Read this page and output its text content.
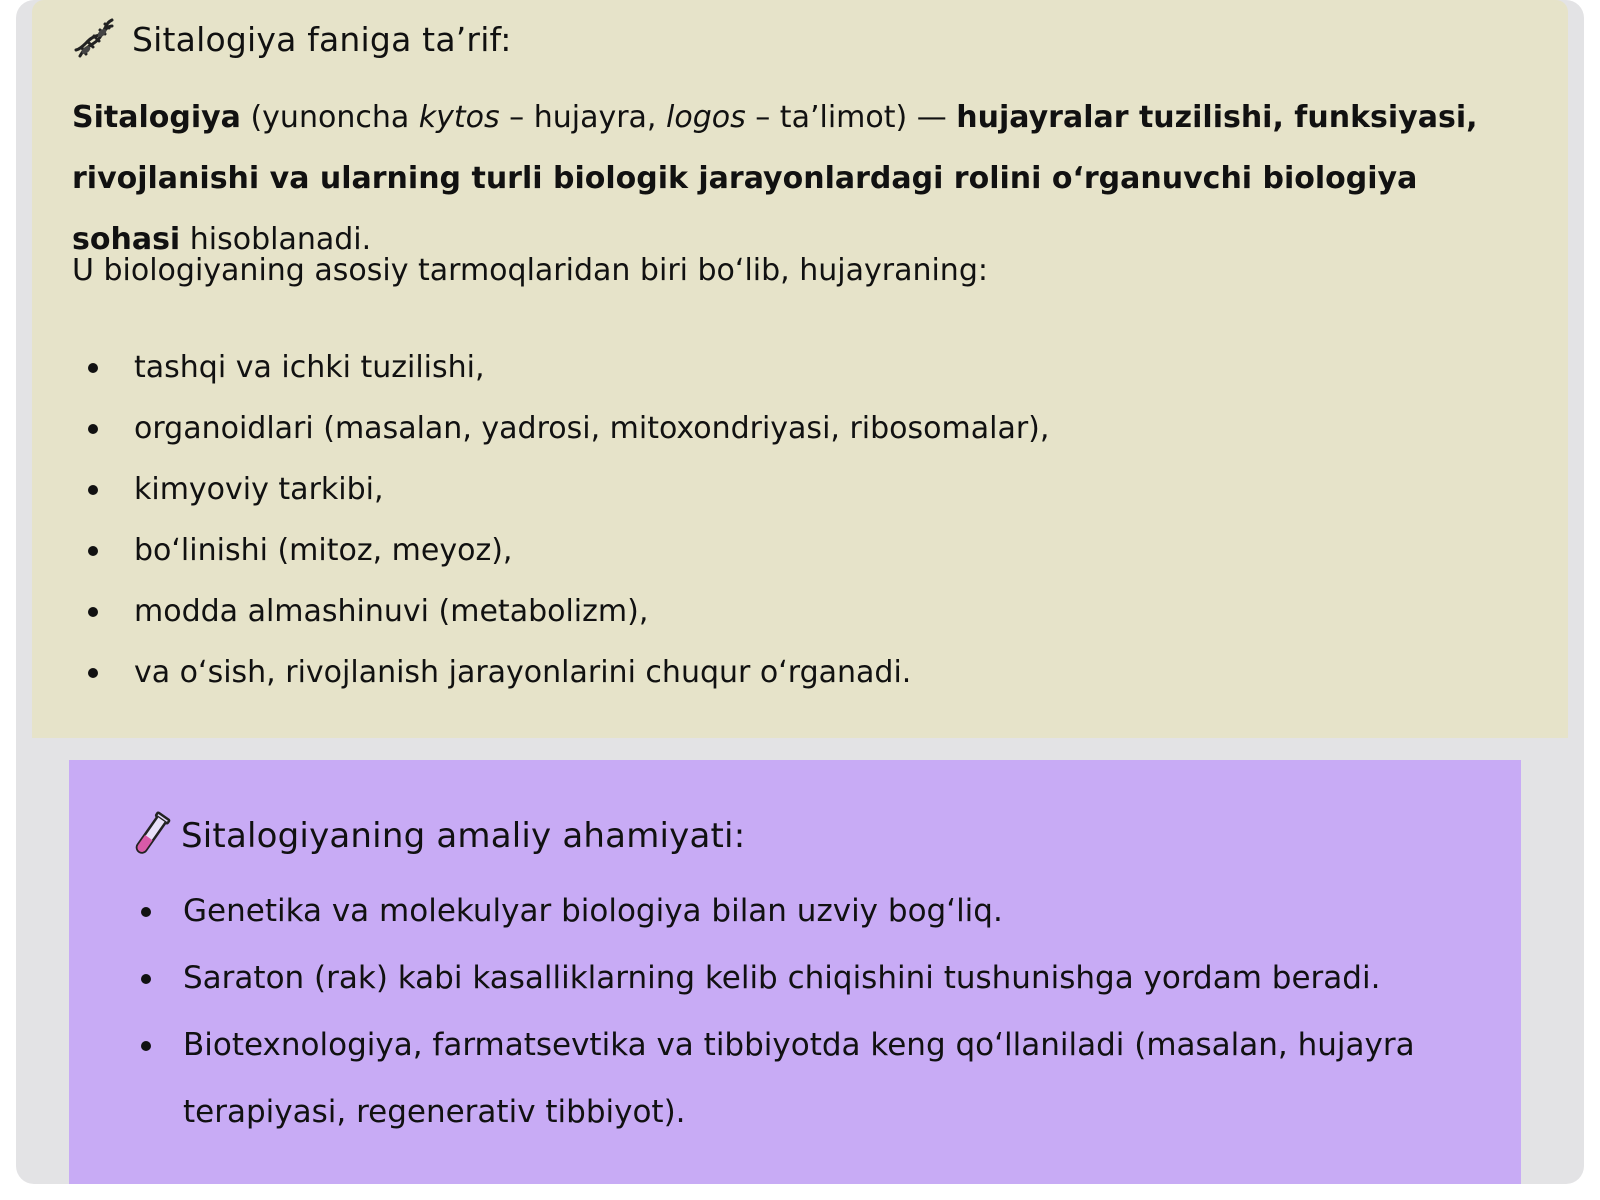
Sitalogiya faniga ta’rif:

Sitalogiya (yunoncha kytos – hujayra, logos – ta’limot) — hujayralar tuzilishi, funksiyasi, rivojlanishi va ularning turli biologik jarayonlardagi rolini o‘rganuvchi biologiya sohasi hisoblanadi.

U biologiyaning asosiy tarmoqlaridan biri bo‘lib, hujayraning:

tashqi va ichki tuzilishi,
organoidlari (masalan, yadrosi, mitoxondriyasi, ribosomalar),
kimyoviy tarkibi,
bo‘linishi (mitoz, meyoz),
modda almashinuvi (metabolizm),
va o‘sish, rivojlanish jarayonlarini chuqur o‘rganadi.
Sitalogiyaning amaliy ahamiyati:
Genetika va molekulyar biologiya bilan uzviy bog‘liq.
Saraton (rak) kabi kasalliklarning kelib chiqishini tushunishga yordam beradi.
Biotexnologiya, farmatsevtika va tibbiyotda keng qo‘llaniladi (masalan, hujayra terapiyasi, regenerativ tibbiyot).
